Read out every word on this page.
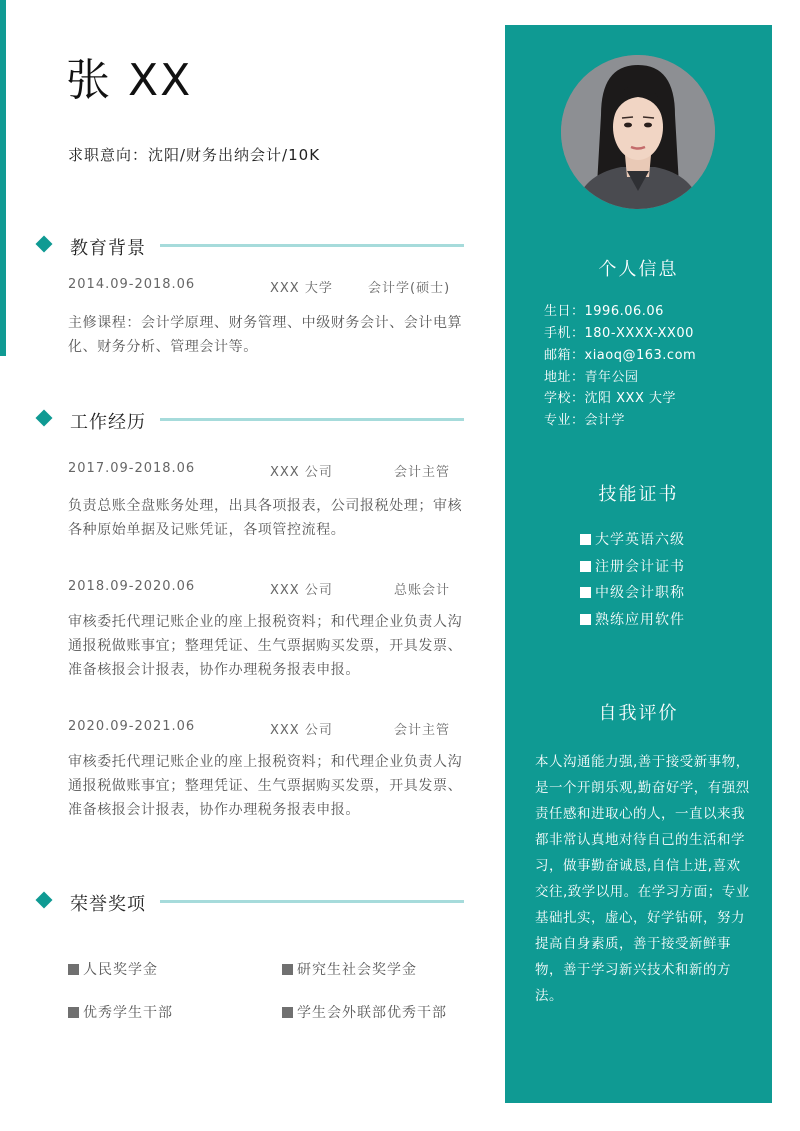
张 XX
求职意向：沈阳/财务出纳会计/10K
教育背景
2014.09-2018.06	XXX 大学	会计学(硕士)
主修课程：会计学原理、财务管理、中级财务会计、会计电算化、财务分析、管理会计等。
工作经历
2017.09-2018.06	XXX 公司	会计主管
负责总账全盘账务处理，出具各项报表，公司报税处理；审核各种原始单据及记账凭证，各项管控流程。
2018.09-2020.06	XXX 公司	总账会计
审核委托代理记账企业的座上报税资料；和代理企业负责人沟通报税做账事宜；整理凭证、生气票据购买发票，开具发票、准备核报会计报表，协作办理税务报表申报。
2020.09-2021.06	XXX 公司	会计主管
审核委托代理记账企业的座上报税资料；和代理企业负责人沟通报税做账事宜；整理凭证、生气票据购买发票，开具发票、准备核报会计报表，协作办理税务报表申报。
荣誉奖项
人民奖学金	研究生社会奖学金
优秀学生干部	学生会外联部优秀干部
个人信息
生日：1996.06.06
手机：180-XXXX-XX00
邮箱：xiaoq@163.com
地址：青年公园
学校：沈阳 XXX 大学
专业：会计学
技能证书
大学英语六级
注册会计证书
中级会计职称
熟练应用软件
自我评价
本人沟通能力强,善于接受新事物，是一个开朗乐观,勤奋好学，有强烈责任感和进取心的人，一直以来我都非常认真地对待自己的生活和学习，做事勤奋诚恳,自信上进,喜欢交往,致学以用。在学习方面；专业基础扎实，虚心，好学钻研，努力提高自身素质，善于接受新鲜事物，善于学习新兴技术和新的方法。
